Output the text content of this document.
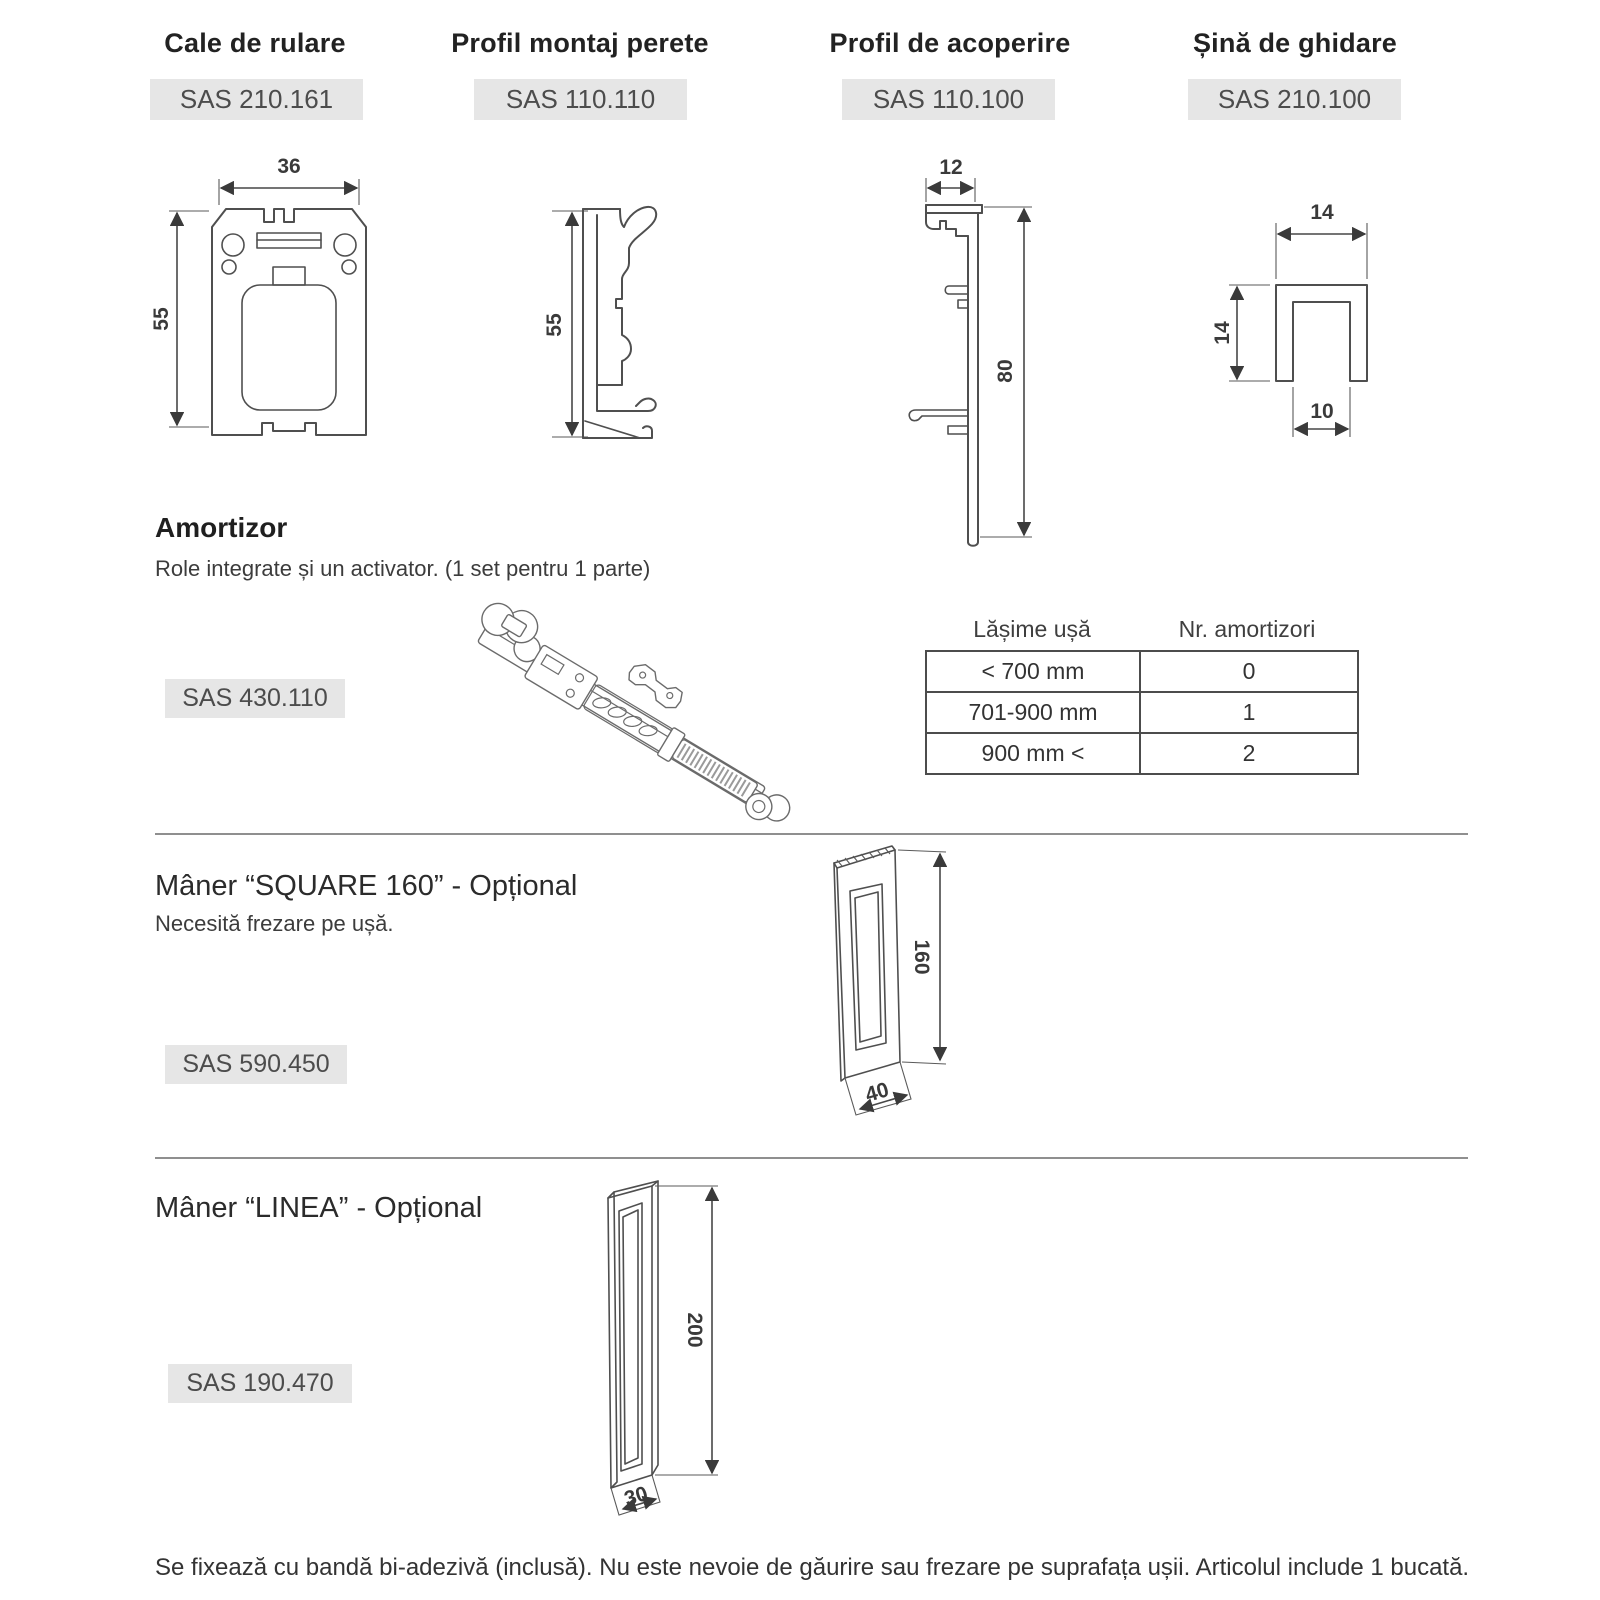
Cale de rulare	Profil montaj perete	Profil de acoperire	Șină de ghidare
SAS 210.161	SAS 110.110	SAS 110.100	SAS 210.100
36
55	55
12
80
14
14
10
Amortizor
Role integrate și un activator. (1 set pentru 1 parte)
SAS 430.110
Lășime ușă	Nr. amortizori
< 700 mm	0
701-900 mm	1
900 mm <	2
Mâner “SQUARE 160” - Opțional
Necesită frezare pe ușă.
SAS 590.450
160
40
Mâner “LINEA” - Opțional
SAS 190.470
200
30
Se fixează cu bandă bi-adezivă (inclusă). Nu este nevoie de găurire sau frezare pe suprafața ușii. Articolul include 1 bucată.
